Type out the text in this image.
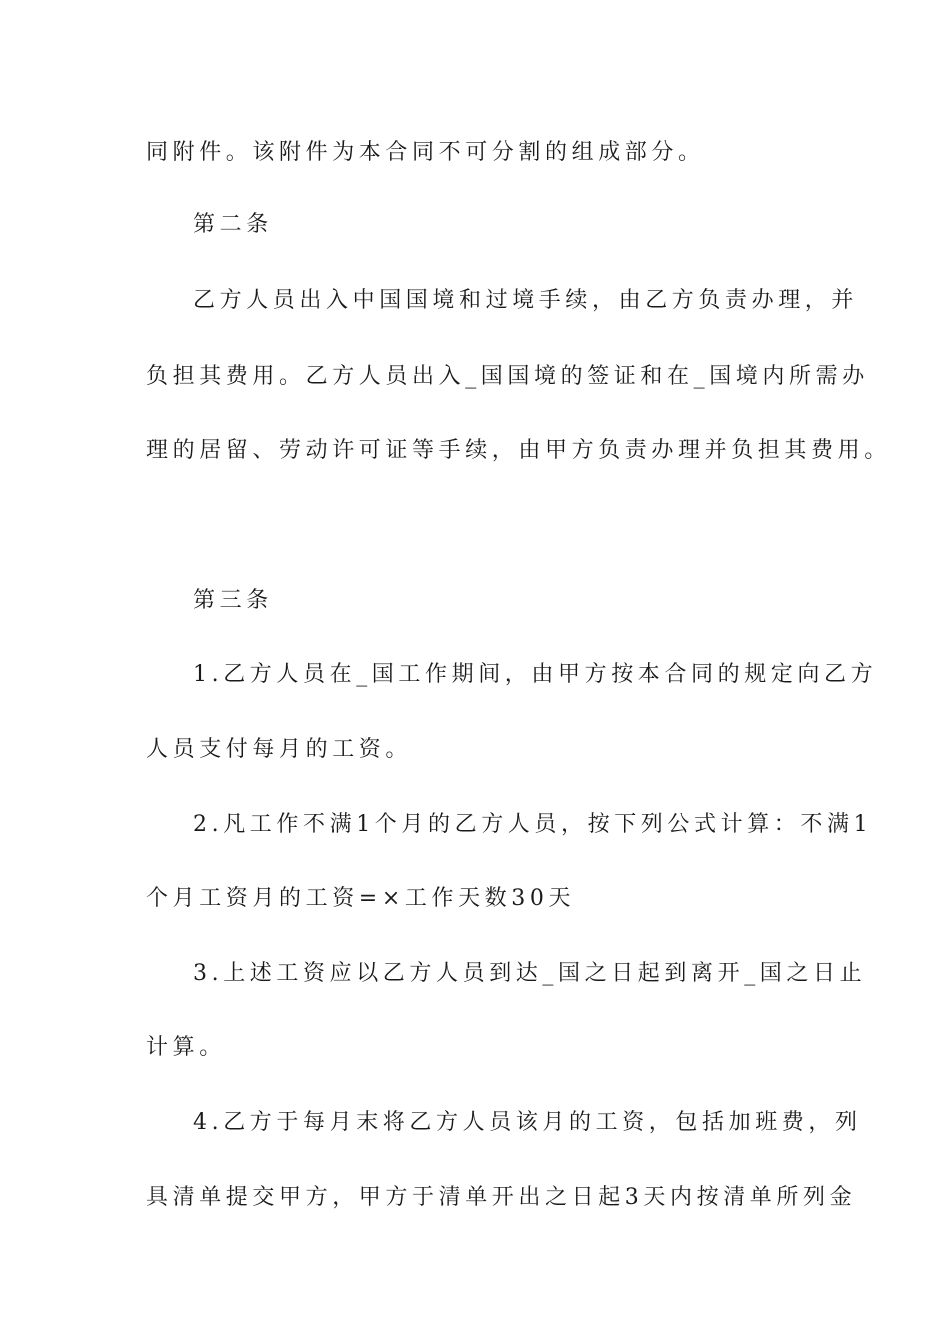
同附件。该附件为本合同不可分割的组成部分。
第二条
乙方人员出入中国国境和过境手续，由乙方负责办理，并
负担其费用。乙方人员出入_国国境的签证和在_国境内所需办
理的居留、劳动许可证等手续，由甲方负责办理并负担其费用。
第三条
1.乙方人员在_国工作期间，由甲方按本合同的规定向乙方
人员支付每月的工资。
2.凡工作不满1个月的乙方人员，按下列公式计算：不满1
个月工资月的工资=×工作天数30天
3.上述工资应以乙方人员到达_国之日起到离开_国之日止
计算。
4.乙方于每月末将乙方人员该月的工资，包括加班费，列
具清单提交甲方，甲方于清单开出之日起3天内按清单所列金
